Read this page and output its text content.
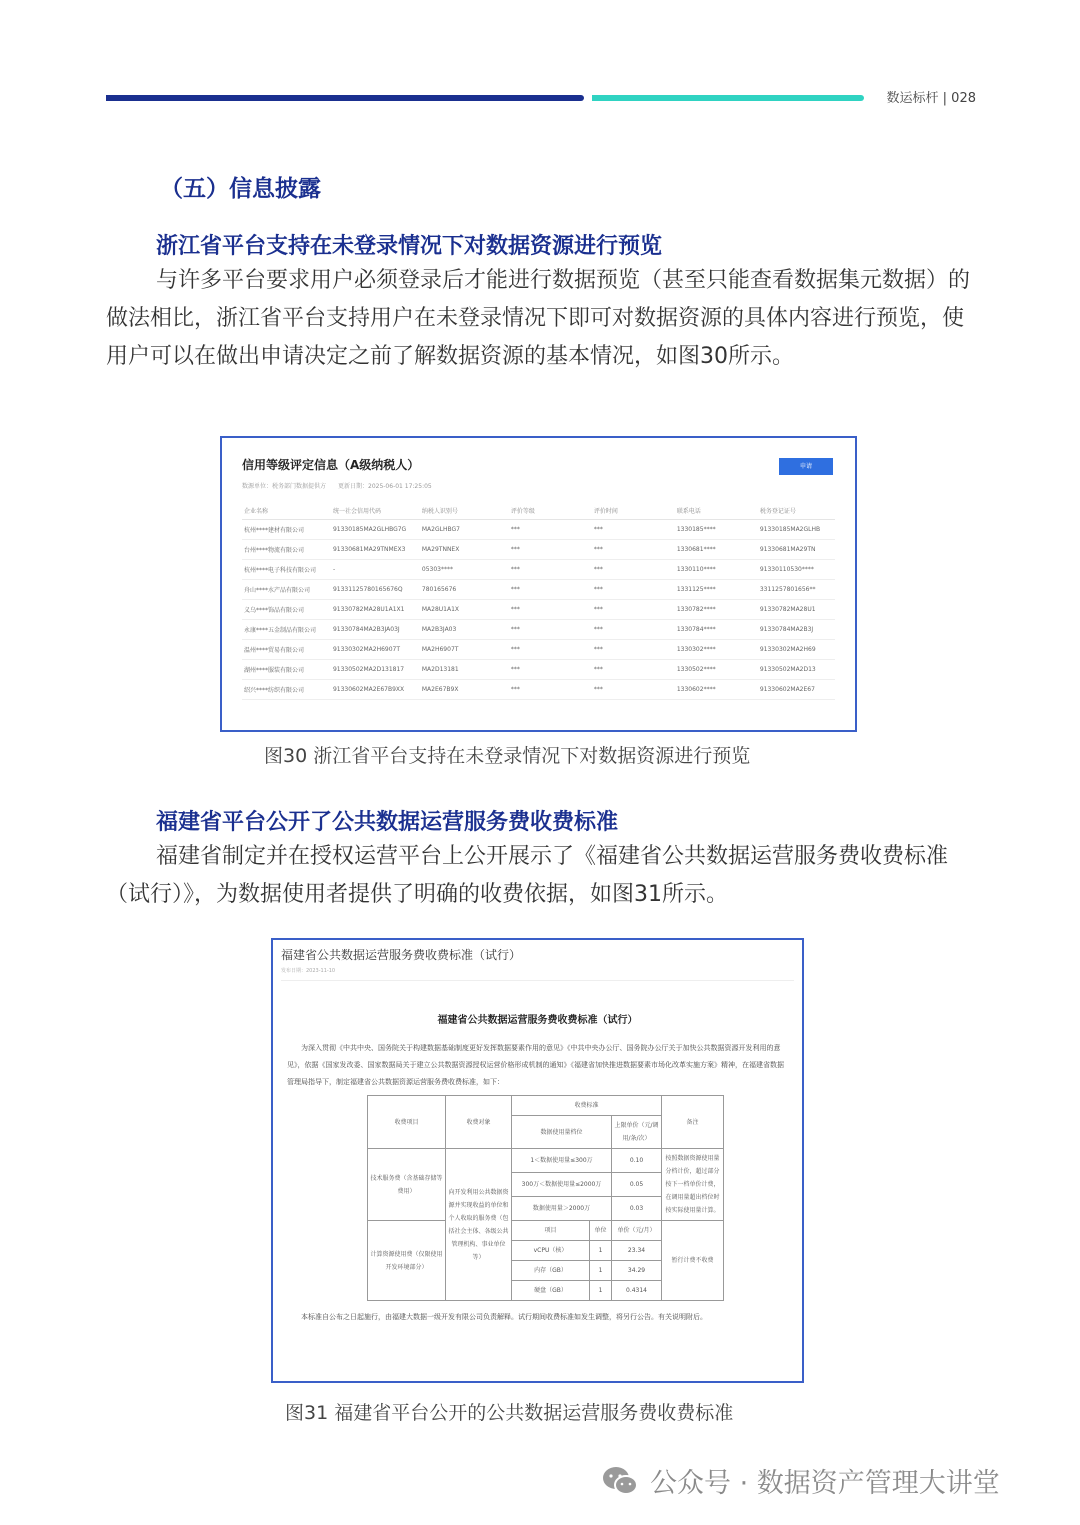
数运标杆 | 028
（五）信息披露
浙江省平台支持在未登录情况下对数据资源进行预览
与许多平台要求用户必须登录后才能进行数据预览（甚至只能查看数据集元数据）的做法相比，浙江省平台支持用户在未登录情况下即可对数据资源的具体内容进行预览，使用户可以在做出申请决定之前了解数据资源的基本情况，如图30所示。
信用等级评定信息（A级纳税人）	申请
数源单位：税务部门数据提供方　　更新日期：2025-06-01 17:25:05
企业名称	统一社会信用代码	纳税人识别号	评价等级	评价时间	联系电话	税务登记证号
杭州****建材有限公司	91330185MA2GLHBG7G	MA2GLHBG7	***	***	1330185****	91330185MA2GLHB
台州****物流有限公司	91330681MA29TNMEX3	MA29TNNEX	***	***	1330681****	91330681MA29TN
杭州****电子科技有限公司	-	05303****	***	***	1330110****	91330110530****
舟山****水产品有限公司	91331125780165676Q	780165676	***	***	1331125****	3311257801656**
义乌****饰品有限公司	91330782MA28U1A1X1	MA28U1A1X	***	***	1330782****	91330782MA28U1
永康****五金制品有限公司	91330784MA2B3JA03J	MA2B3JA03	***	***	1330784****	91330784MA2B3J
温州****贸易有限公司	91330302MA2H6907T	MA2H6907T	***	***	1330302****	91330302MA2H69
湖州****服装有限公司	91330502MA2D131817	MA2D13181	***	***	1330502****	91330502MA2D13
绍兴****纺织有限公司	91330602MA2E67B9XX	MA2E67B9X	***	***	1330602****	91330602MA2E67
图30 浙江省平台支持在未登录情况下对数据资源进行预览
福建省平台公开了公共数据运营服务费收费标准
福建省制定并在授权运营平台上公开展示了《福建省公共数据运营服务费收费标准（试行）》，为数据使用者提供了明确的收费依据，如图31所示。
福建省公共数据运营服务费收费标准（试行）
发布日期：2023-11-10
福建省公共数据运营服务费收费标准（试行）
为深入贯彻《中共中央、国务院关于构建数据基础制度更好发挥数据要素作用的意见》《中共中央办公厅、国务院办公厅关于加快公共数据资源开发利用的意见》，依据《国家发改委、国家数据局关于建立公共数据资源授权运营价格形成机制的通知》《福建省加快推进数据要素市场化改革实施方案》精神，在福建省数据管理局指导下，制定福建省公共数据资源运营服务费收费标准，如下：
收费项目	收费对象	收费标准			备注
		数据使用量档位		上限单价（元/调用/条/次）	
技术服务费（含基础存储等费用）	向开发利用公共数据资源并实现收益的单位和个人收取的服务费（包括社会主体、各级公共管理机构、事业单位等）	1＜数据使用量≤300万		0.10	按照数据资源使用量分档计价，超过部分按下一档单价计费，在调用量超出档位时按实际使用量计算。
		300万＜数据使用量≤2000万		0.05	
		数据使用量＞2000万		0.03	
计算资源使用费（仅限使用开发环境部分）		项目	单位	单价（元/月）	暂行计费不收费
		vCPU（核）	1	23.34	
		内存（GB）	1	34.29	
		硬盘（GB）	1	0.4314	
本标准自公布之日起施行，由福建大数据一级开发有限公司负责解释。试行期间收费标准如发生调整，将另行公告。有关说明附后。
图31 福建省平台公开的公共数据运营服务费收费标准
公众号 · 数据资产管理大讲堂
